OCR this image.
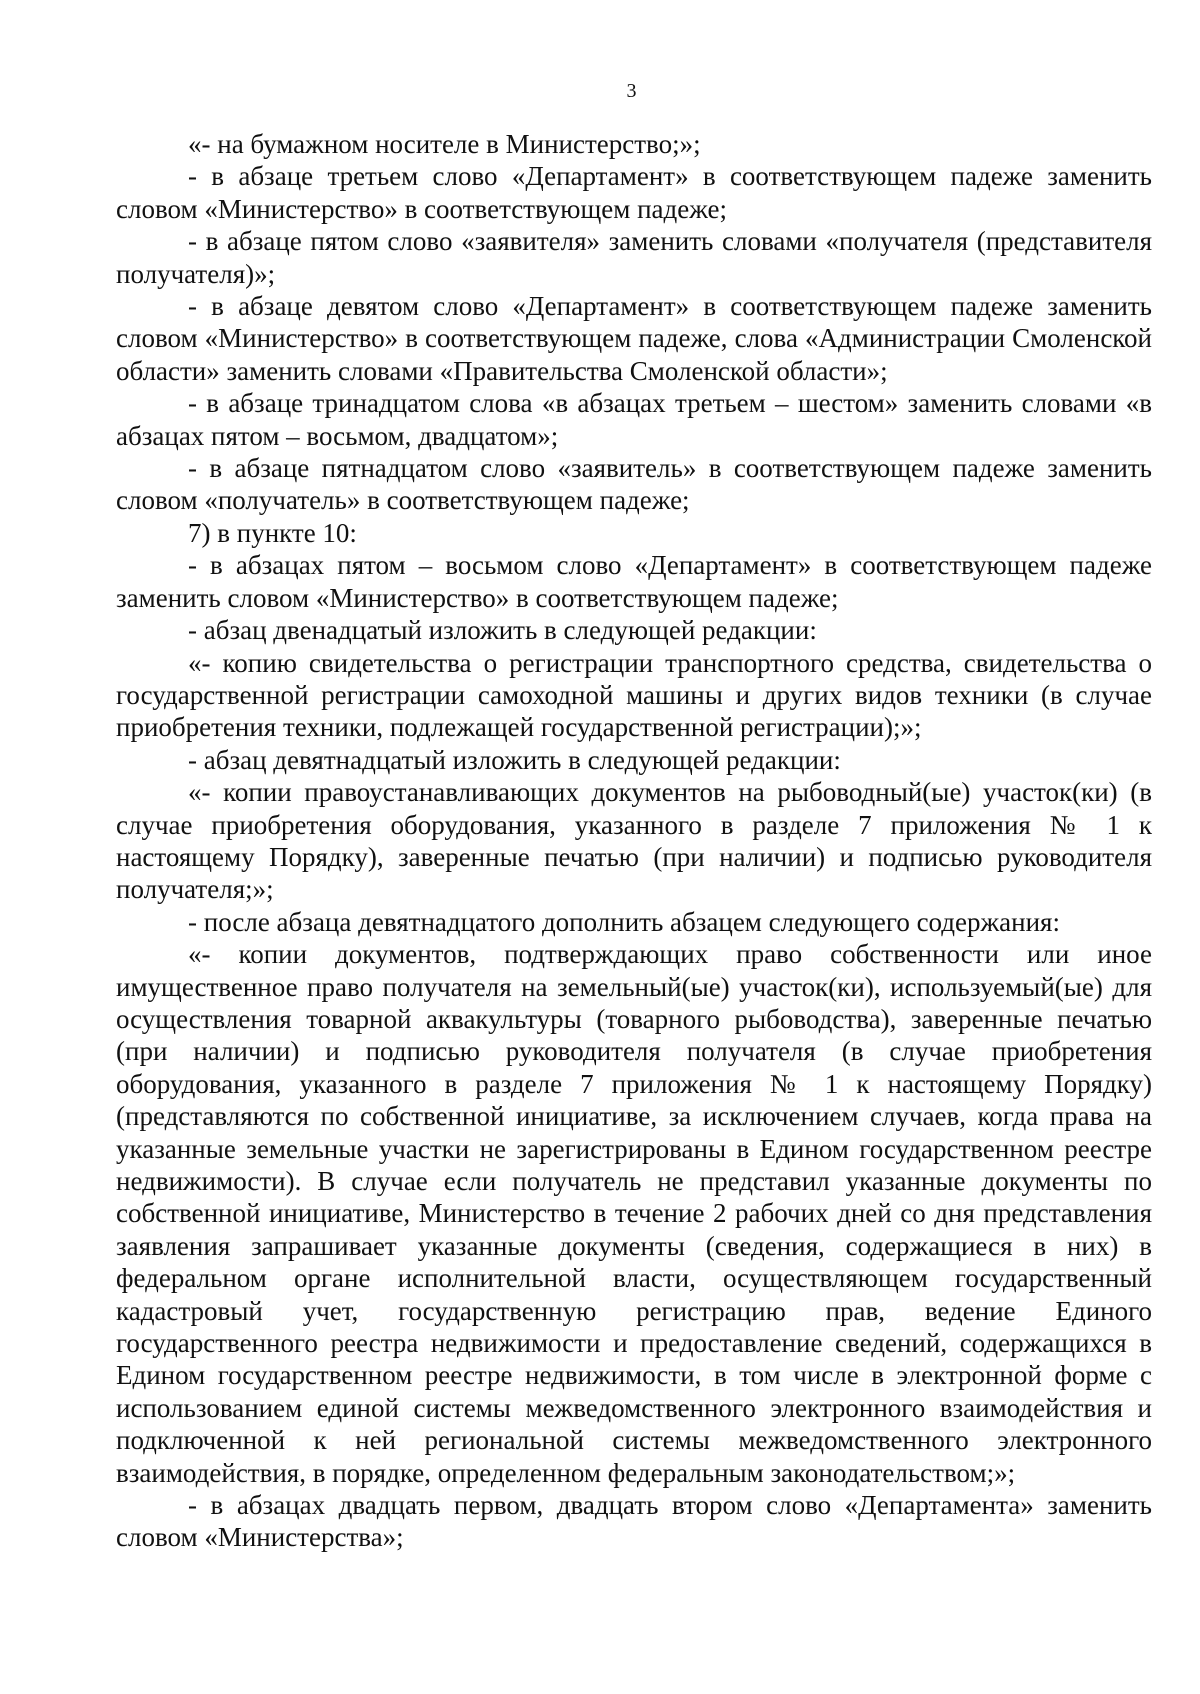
3

«- на бумажном носителе в Министерство;»;

- в абзаце третьем слово «Департамент» в соответствующем падеже заменить словом «Министерство» в соответствующем падеже;

- в абзаце пятом слово «заявителя» заменить словами «получателя (представителя получателя)»;

- в абзаце девятом слово «Департамент» в соответствующем падеже заменить словом «Министерство» в соответствующем падеже, слова «Администрации Смоленской области» заменить словами «Правительства Смоленской области»;

- в абзаце тринадцатом слова «в абзацах третьем – шестом» заменить словами «в абзацах пятом – восьмом, двадцатом»;

- в абзаце пятнадцатом слово «заявитель» в соответствующем падеже заменить словом «получатель» в соответствующем падеже;

7) в пункте 10:

- в абзацах пятом – восьмом слово «Департамент» в соответствующем падеже заменить словом «Министерство» в соответствующем падеже;

- абзац двенадцатый изложить в следующей редакции:

«- копию свидетельства о регистрации транспортного средства, свидетельства о государственной регистрации самоходной машины и других видов техники (в случае приобретения техники, подлежащей государственной регистрации);»;

- абзац девятнадцатый изложить в следующей редакции:

«- копии правоустанавливающих документов на рыбоводный(ые) участок(ки) (в случае приобретения оборудования, указанного в разделе 7 приложения № 1 к настоящему Порядку), заверенные печатью (при наличии) и подписью руководителя получателя;»;

- после абзаца девятнадцатого дополнить абзацем следующего содержания:

«- копии документов, подтверждающих право собственности или иное имущественное право получателя на земельный(ые) участок(ки), используемый(ые) для осуществления товарной аквакультуры (товарного рыбоводства), заверенные печатью (при наличии) и подписью руководителя получателя (в случае приобретения оборудования, указанного в разделе 7 приложения № 1 к настоящему Порядку) (представляются по собственной инициативе, за исключением случаев, когда права на указанные земельные участки не зарегистрированы в Едином государственном реестре недвижимости). В случае если получатель не представил указанные документы по собственной инициативе, Министерство в течение 2 рабочих дней со дня представления заявления запрашивает указанные документы (сведения, содержащиеся в них) в федеральном органе исполнительной власти, осуществляющем государственный кадастровый учет, государственную регистрацию прав, ведение Единого государственного реестра недвижимости и предоставление сведений, содержащихся в Едином государственном реестре недвижимости, в том числе в электронной форме с использованием единой системы межведомственного электронного взаимодействия и подключенной к ней региональной системы межведомственного электронного взаимодействия, в порядке, определенном федеральным законодательством;»;

- в абзацах двадцать первом, двадцать втором слово «Департамента» заменить словом «Министерства»;
